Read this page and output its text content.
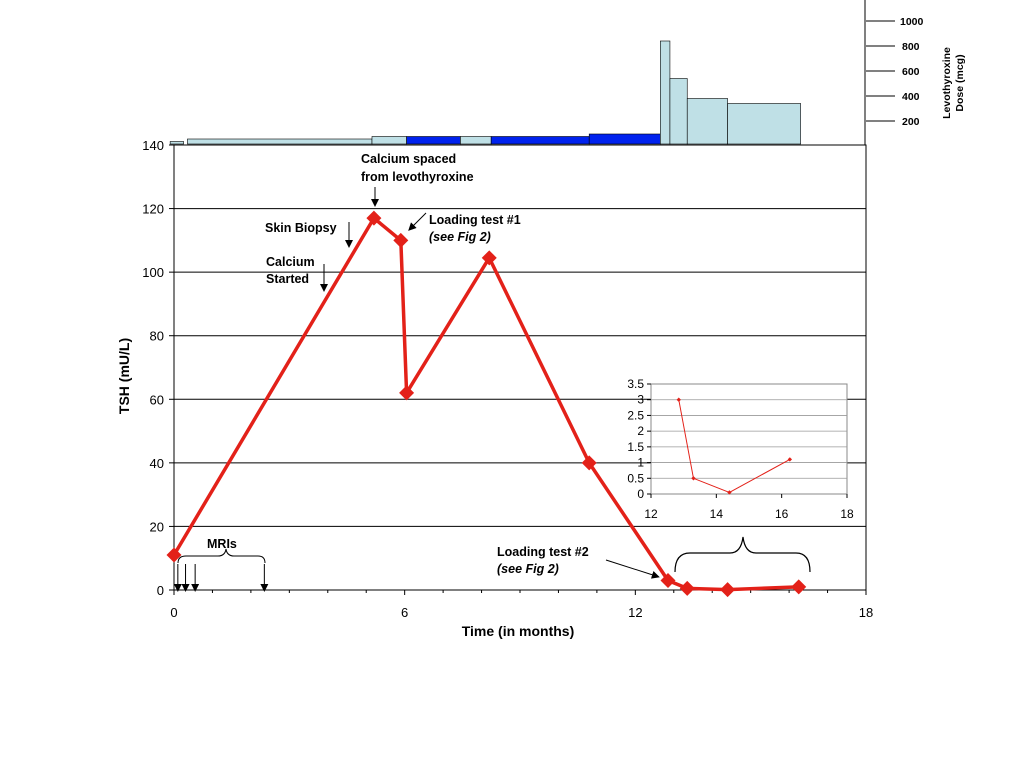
0
20
40
60
80
100
120
140
0	6	12	18
Time (in months)
TSH (mU/L)
Calcium spaced
from levothyroxine
Skin Biopsy
Calcium
Started
Loading test #1
(see Fig 2)
Loading test #2
(see Fig 2)
MRIs
0
0.5
1
1.5
2
2.5
3
3.5
12	14	16	18
200
400
600
800
1000
Levothyroxine Dose (mcg)
